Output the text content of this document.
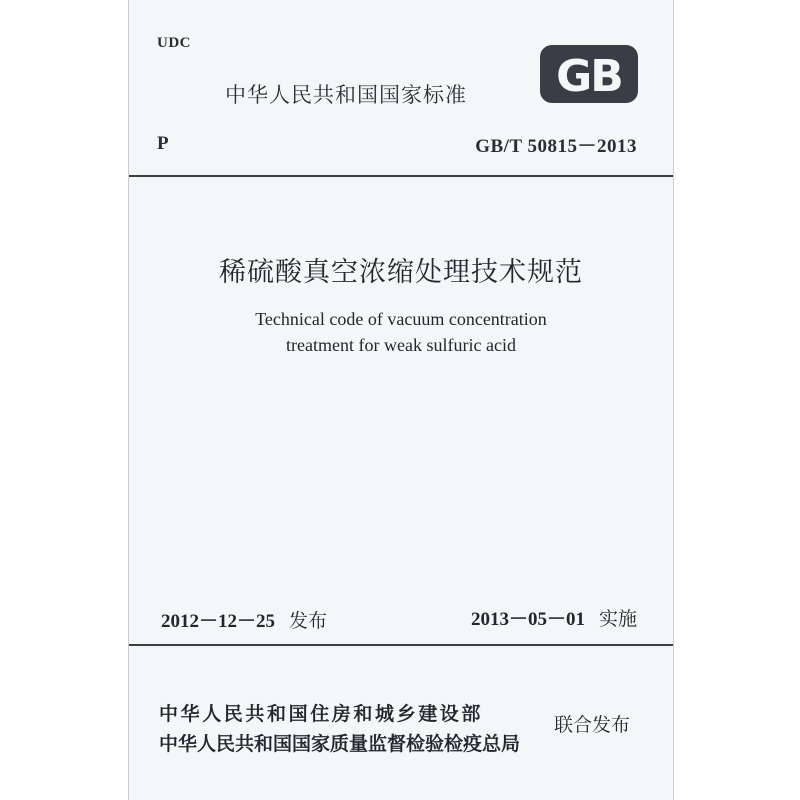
UDC
中华人民共和国国家标准 GB
P	GB/T 50815－2013
稀硫酸真空浓缩处理技术规范
Technical code of vacuum concentration
treatment for weak sulfuric acid
2012－12－25 发布	2013－05－01 实施
中华人民共和国住房和城乡建设部
中华人民共和国国家质量监督检验检疫总局
联合发布
